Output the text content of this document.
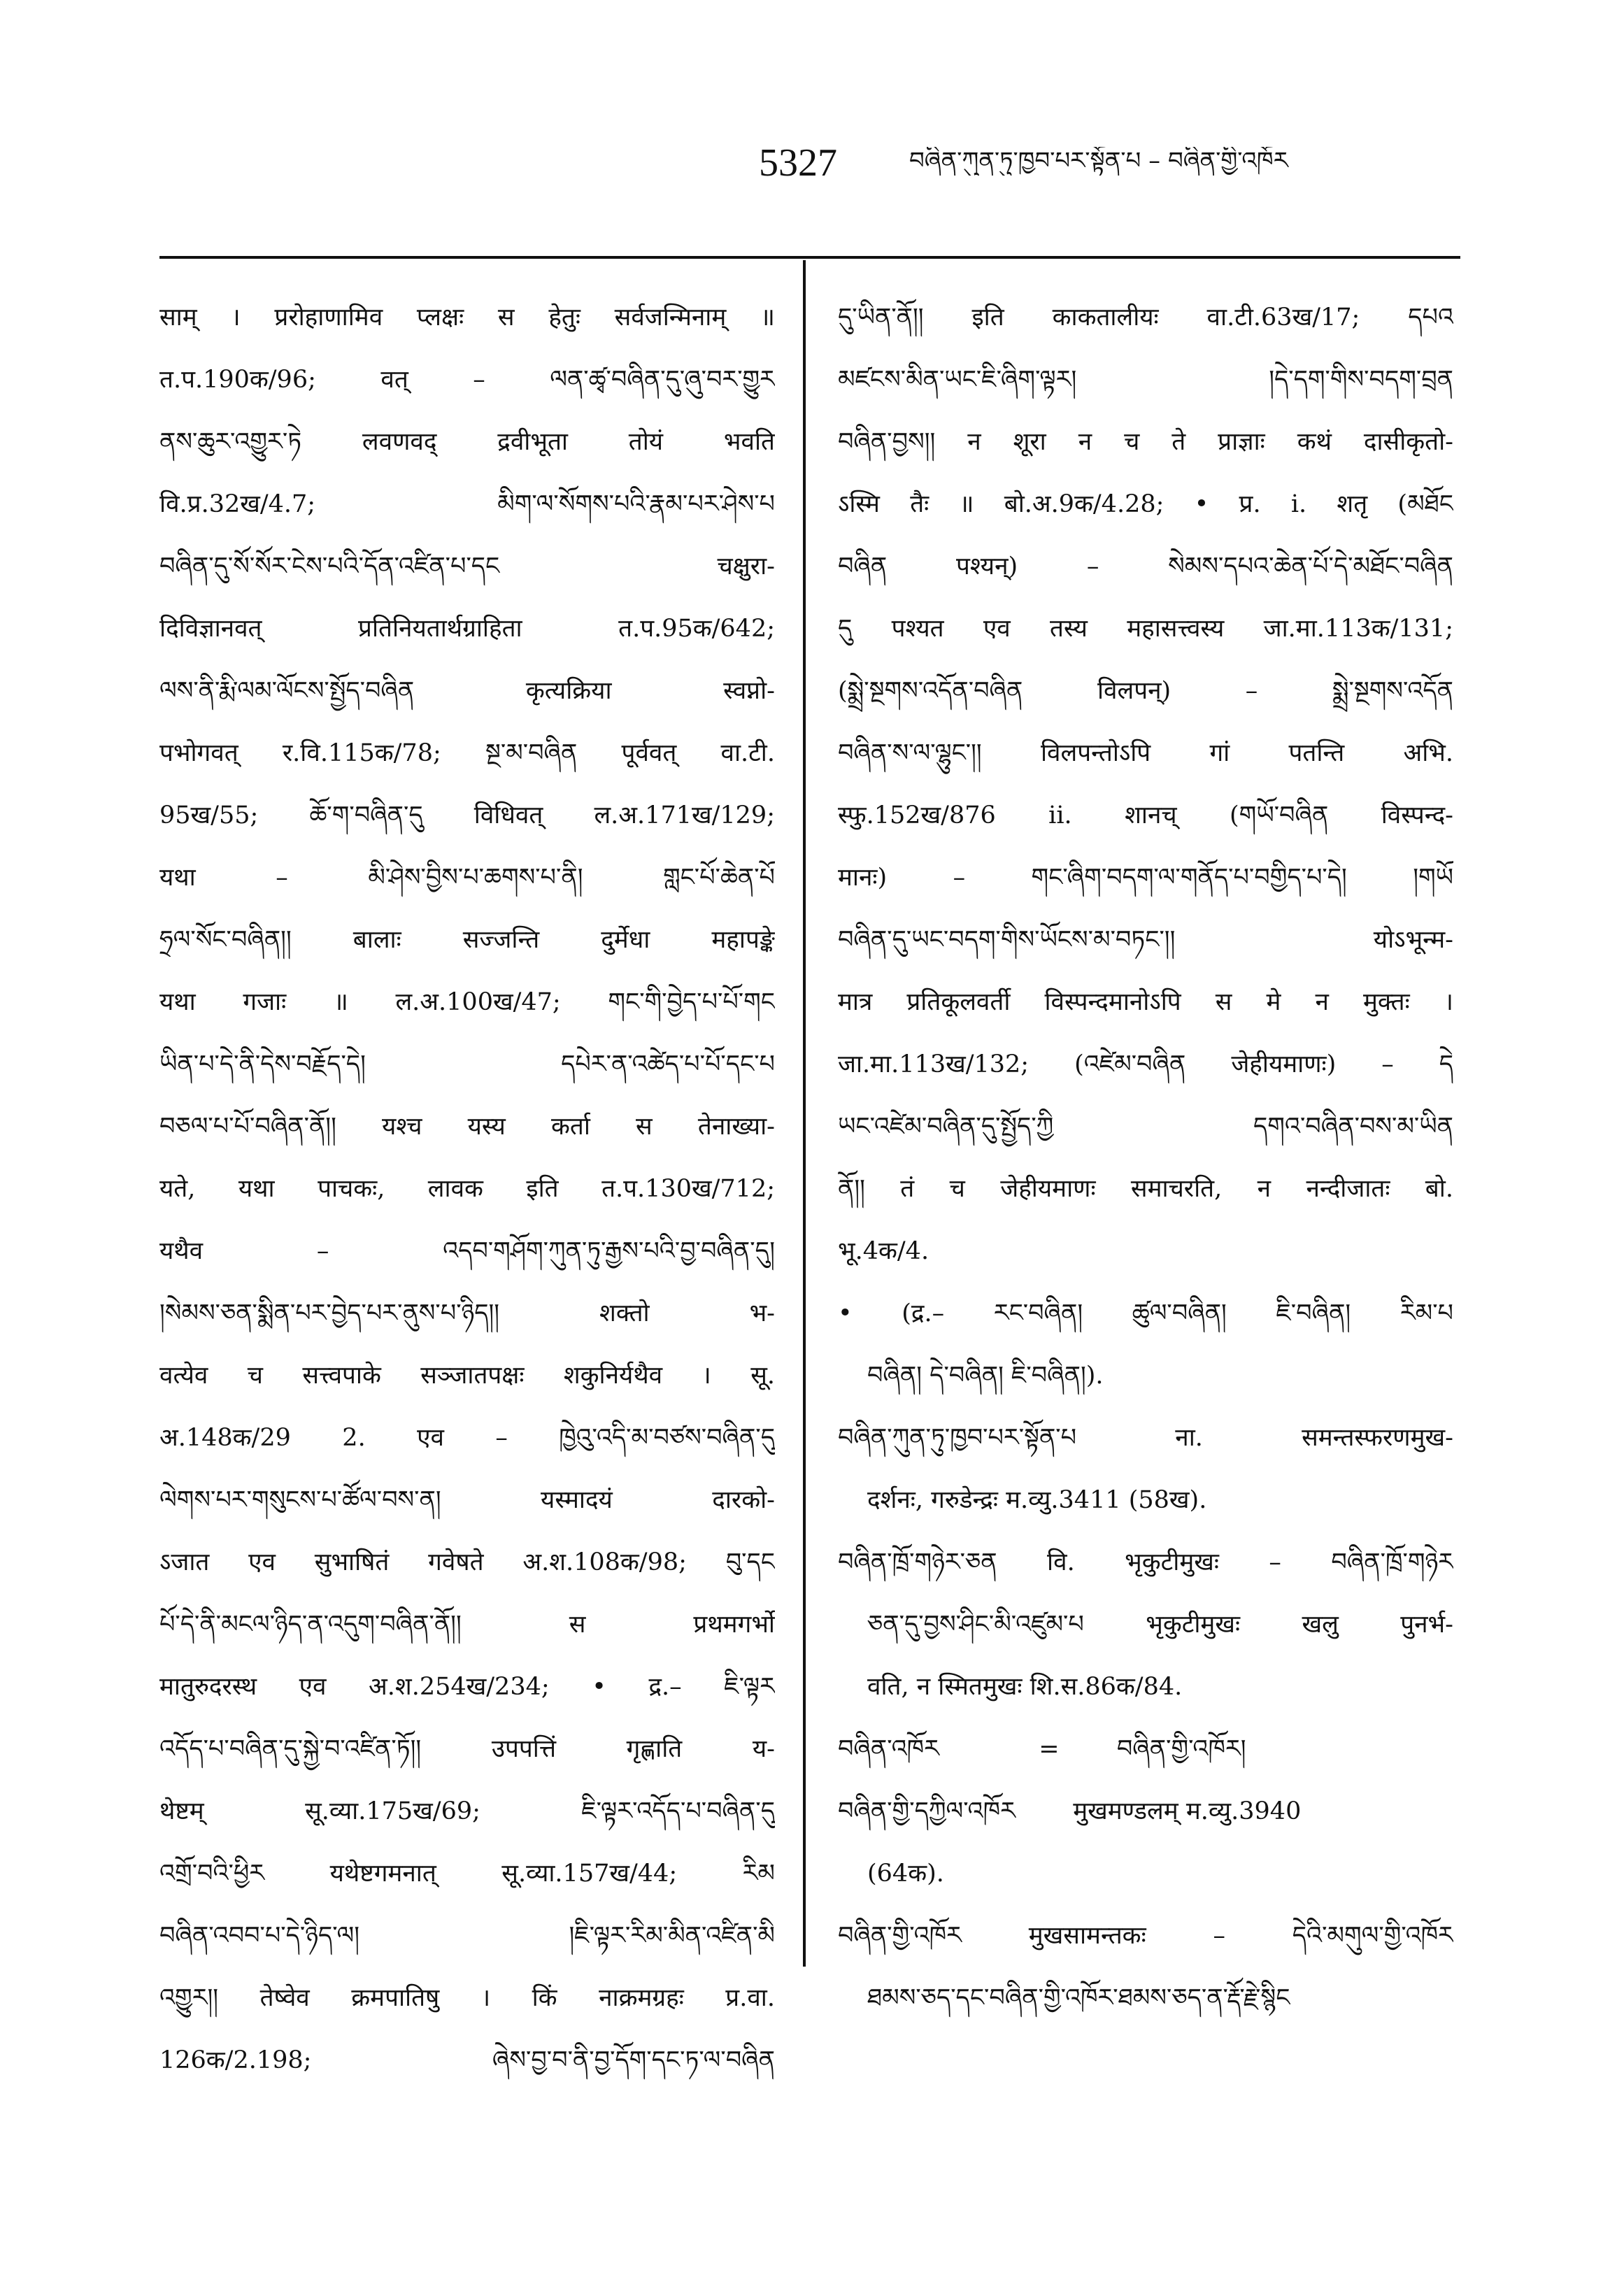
5327	བཞིན་ཀུན་ཏུ་ཁྱབ་པར་སྟོན་པ – བཞིན་གྱི་འཁོར
साम् । प्ररोहाणामिव प्लक्षः स हेतुः सर्वजन्मिनाम् ॥
त.प.190क/96; वत् – ལན་ཚྭ་བཞིན་དུ་ཞུ་བར་གྱུར
ནས་ཆུར་འགྱུར་ཏེ लवणवद् द्रवीभूता तोयं भवति
वि.प्र.32ख/4.7; མིག་ལ་སོགས་པའི་རྣམ་པར་ཤེས་པ
བཞིན་དུ་སོ་སོར་ངེས་པའི་དོན་འཛིན་པ་དང चक्षुरा-
दिविज्ञानवत् प्रतिनियतार्थग्राहिता त.प.95क/642;
ལས་ནི་རྨི་ལམ་ལོངས་སྤྱོད་བཞིན कृत्यक्रिया स्वप्नो-
पभोगवत् र.वि.115क/78; སྔ་མ་བཞིན पूर्ववत् वा.टी.
95ख/55; ཆོ་ག་བཞིན་དུ विधिवत् ल.अ.171ख/129;
यथा – མི་ཤེས་བྱིས་པ་ཆགས་པ་ནི། གླང་པོ་ཆེན་པོ
ཧྲལ་སོང་བཞིན།། बालाः सज्जन्ति दुर्मेधा महापङ्के
यथा गजाः ॥ ल.अ.100ख/47; གང་གི་བྱེད་པ་པོ་གང
ཡིན་པ་དེ་ནི་དེས་བརྗོད་དེ། དཔེར་ན་འཚེད་པ་པོ་དང་པ
བཅལ་པ་པོ་བཞིན་ནོ།། यश्च यस्य कर्ता स तेनाख्या-
यते, यथा पाचकः, लावक इति त.प.130ख/712;
यथैव – འདབ་གཤོག་ཀུན་ཏུ་རྒྱས་པའི་བྱ་བཞིན་དུ།
།སེམས་ཅན་སྨིན་པར་བྱེད་པར་ནུས་པ་ཉིད།། शक्तो भ-
वत्येव च सत्त्वपाके सञ्जातपक्षः शकुनिर्यथैव । सू.
अ.148क/29 2. एव – ཁྱེའུ་འདི་མ་བཙས་བཞིན་དུ
ལེགས་པར་གསུངས་པ་ཚོལ་བས་ན། यस्मादयं दारको-
ऽजात एव सुभाषितं गवेषते अ.श.108क/98; བུ་དང
པོ་དེ་ནི་མངལ་ཉིད་ན་འདུག་བཞིན་ནོ།། स प्रथमगर्भो
मातुरुदरस्थ एव अ.श.254ख/234; • द्र.– ཇི་ལྟར
འདོད་པ་བཞིན་དུ་སྐྱེ་བ་འཛིན་ཏོ།། उपपत्तिं गृह्णाति य-
थेष्टम् सू.व्या.175ख/69; ཇི་ལྟར་འདོད་པ་བཞིན་དུ
འགྲོ་བའི་ཕྱིར यथेष्टगमनात् सू.व्या.157ख/44; རིམ
བཞིན་འབབ་པ་དེ་ཉིད་ལ། །ཇི་ལྟར་རིམ་མིན་འཛིན་མི
འགྱུར།། तेष्वेव क्रमपातिषु । किं नाक्रमग्रहः प्र.वा.
126क/2.198; ཞེས་བྱ་བ་ནི་བྱ་དོག་དང་ཏ་ལ་བཞིན
དུ་ཡིན་ནོ།། इति काकतालीयः वा.टी.63ख/17; དཔའ
མཛངས་མིན་ཡང་ཇི་ཞིག་ལྟར། །དེ་དག་གིས་བདག་བྲན
བཞིན་བྱས།། न शूरा न च ते प्राज्ञाः कथं दासीकृतो-
ऽस्मि तैः ॥ बो.अ.9क/4.28; • प्र. i. शतृ (མཐོང
བཞིན पश्यन्) – སེམས་དཔའ་ཆེན་པོ་དེ་མཐོང་བཞིན
དུ पश्यत एव तस्य महासत्त्वस्य जा.मा.113क/131;
(སྨྲེ་སྔགས་འདོན་བཞིན विलपन्) – སྨྲེ་སྔགས་འདོན
བཞིན་ས་ལ་ལྷུང་།། विलपन्तोऽपि गां पतन्ति अभि.
स्फु.152ख/876 ii. शानच् (གཡོ་བཞིན विस्पन्द-
मानः) – གང་ཞིག་བདག་ལ་གནོད་པ་བགྱིད་པ་དེ། །གཡོ
བཞིན་དུ་ཡང་བདག་གིས་ཡོངས་མ་བཏང་།། योऽभून्म-
मात्र प्रतिकूलवर्ती विस्पन्दमानोऽपि स मे न मुक्तः ।
जा.मा.113ख/132; (འཛེམ་བཞིན जेहीयमाणः) – དེ
ཡང་འཛེམ་བཞིན་དུ་སྤྱོད་ཀྱི དགའ་བཞིན་བས་མ་ཡིན
ནོ།། तं च जेहीयमाणः समाचरति, न नन्दीजातः बो.
भू.4क/4.
• (द्र.– རང་བཞིན། ཚུལ་བཞིན། ཇི་བཞིན། རིམ་པ
བཞིན། དེ་བཞིན། ཇི་བཞིན།).
བཞིན་ཀུན་ཏུ་ཁྱབ་པར་སྟོན་པ ना. समन्तस्फरणमुख-
दर्शनः, गरुडेन्द्रः म.व्यु.3411 (58ख).
བཞིན་ཁྲོ་གཉེར་ཅན वि. भृकुटीमुखः – བཞིན་ཁྲོ་གཉེར
ཅན་དུ་བྱས་ཤིང་མི་འཛུམ་པ भृकुटीमुखः खलु पुनर्भ-
वति, न स्मितमुखः शि.स.86क/84.
བཞིན་འཁོར	= བཞིན་གྱི་འཁོར།
བཞིན་གྱི་དཀྱིལ་འཁོར मुखमण्डलम् म.व्यु.3940
(64क).
བཞིན་གྱི་འཁོར मुखसामन्तकः – དེའི་མགུལ་གྱི་འཁོར
ཐམས་ཅད་དང་བཞིན་གྱི་འཁོར་ཐམས་ཅད་ན་རྡོ་རྗེ་སྙིང
